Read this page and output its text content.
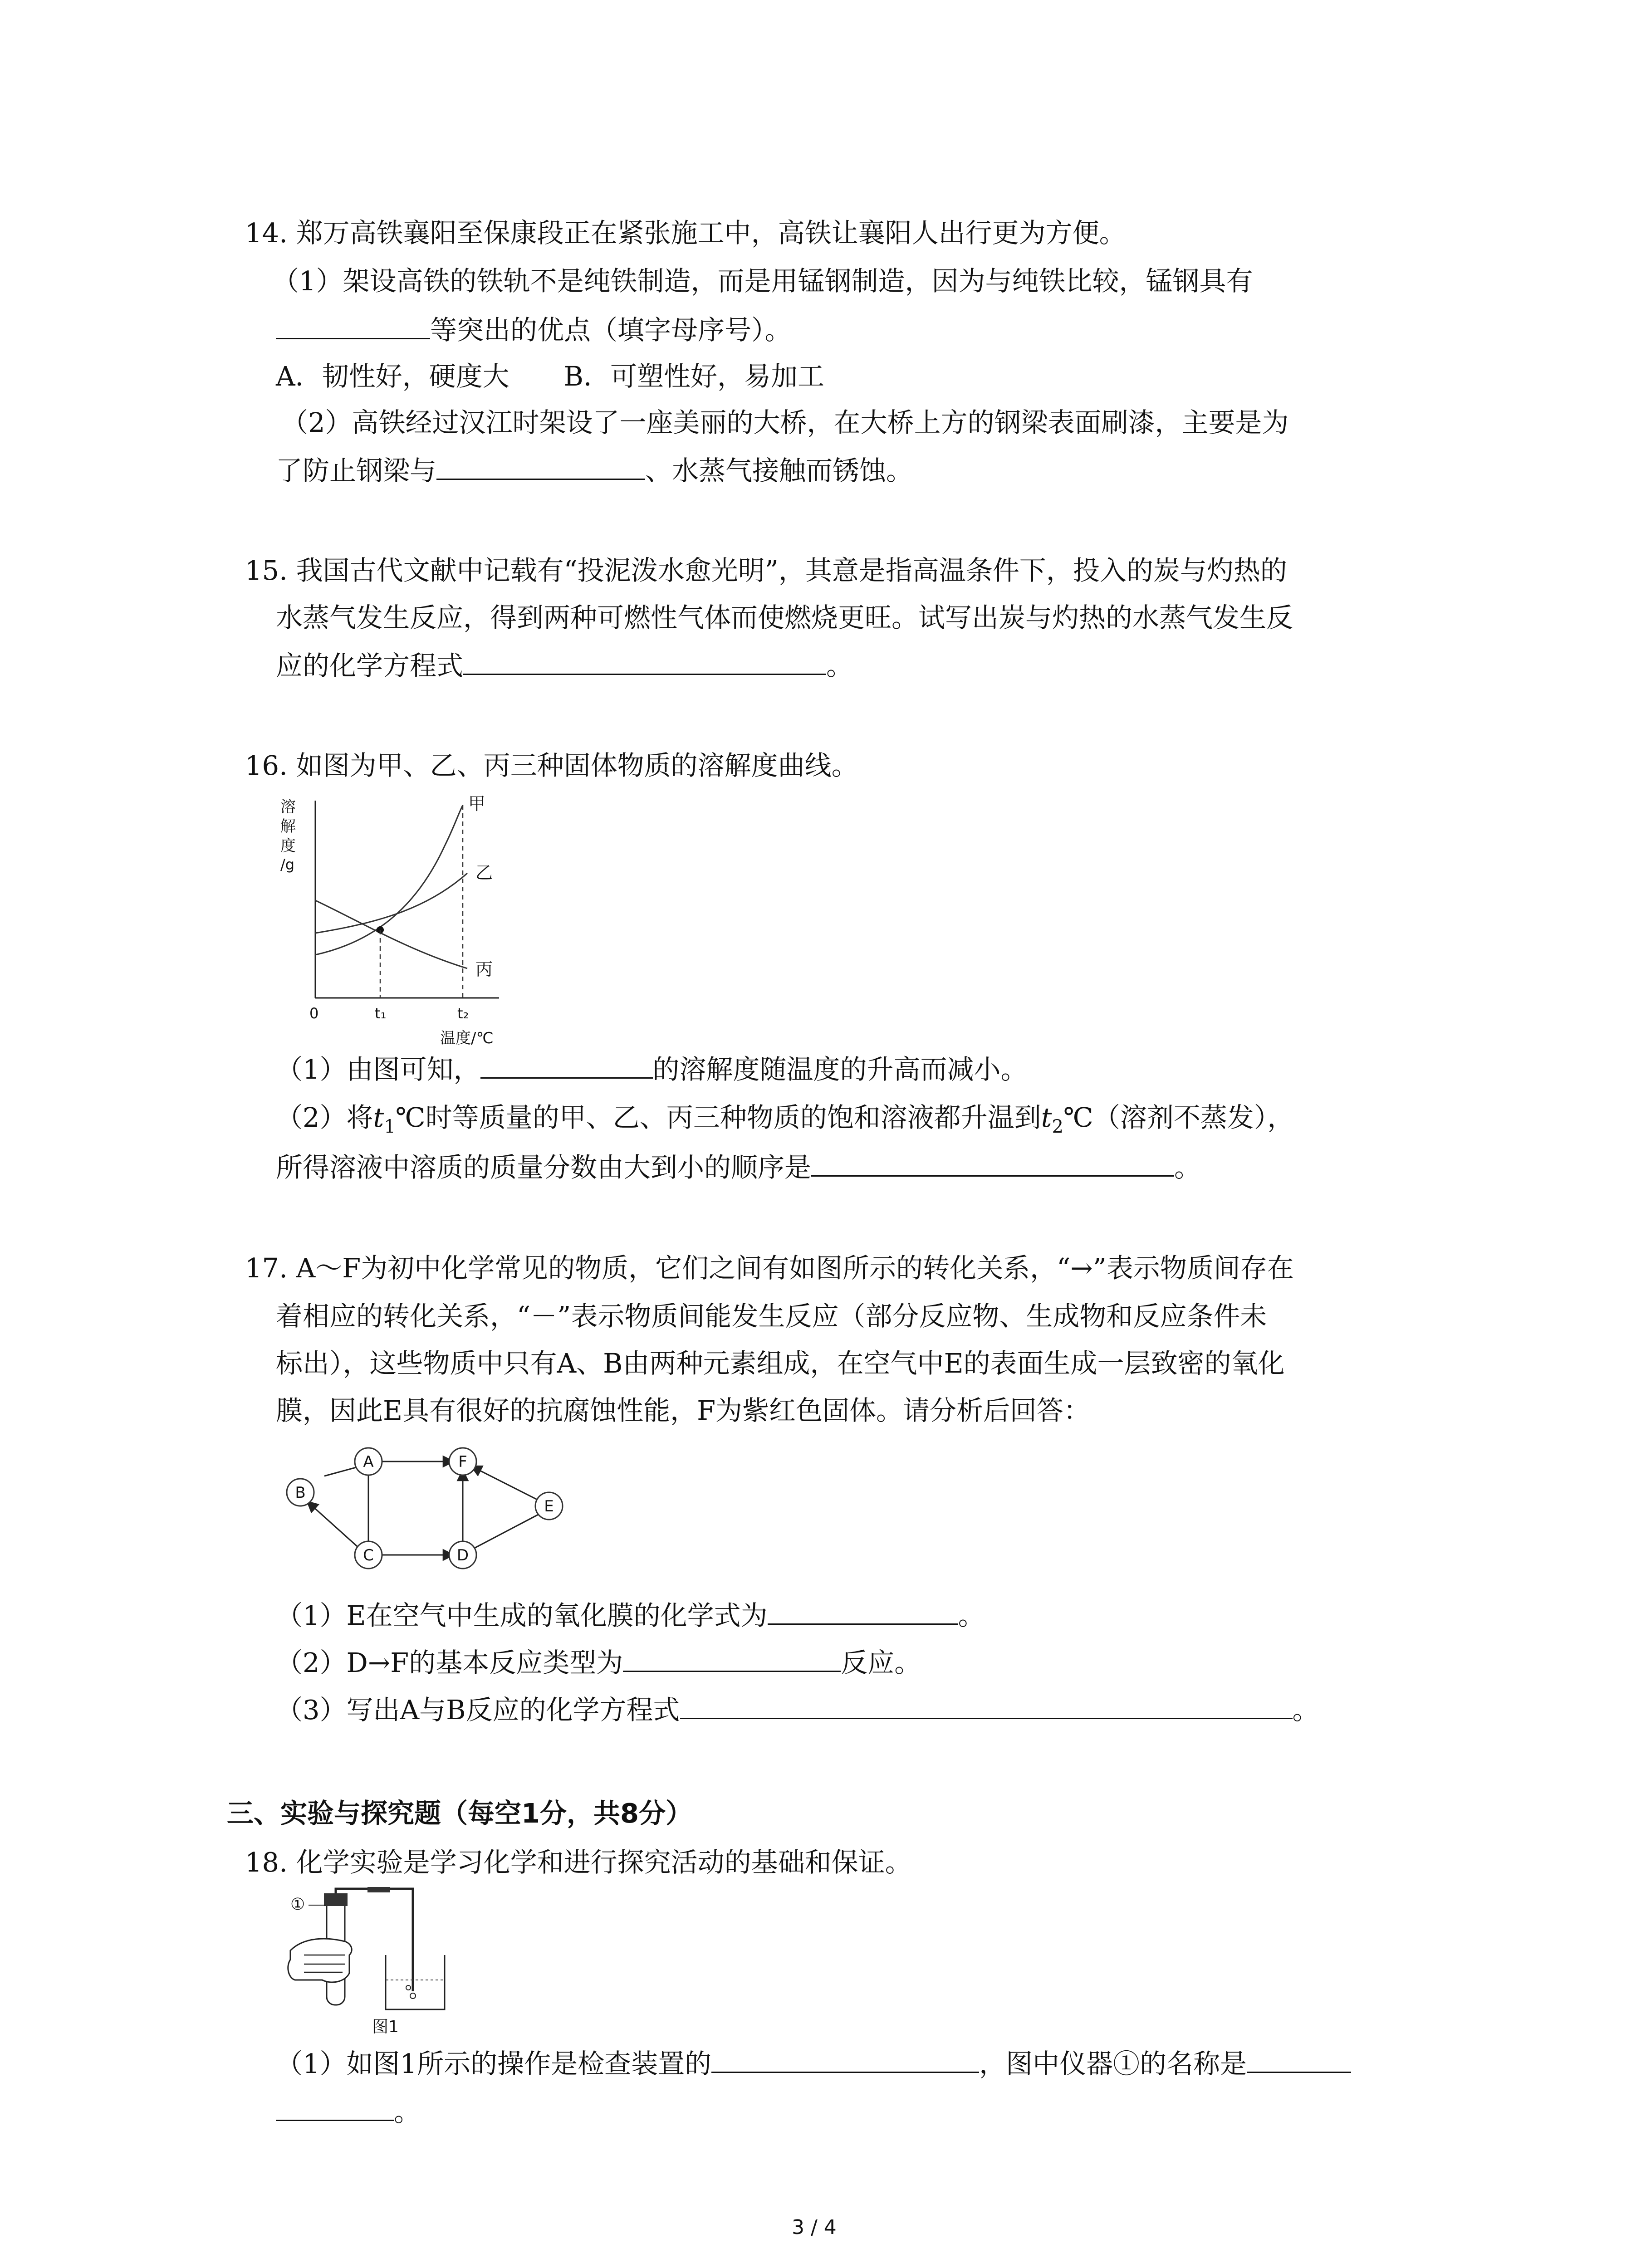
14. 郑万高铁襄阳至保康段正在紧张施工中，高铁让襄阳人出行更为方便。
（1）架设高铁的铁轨不是纯铁制造，而是用锰钢制造，因为与纯铁比较，锰钢具有
等突出的优点（填字母序号）。
A．韧性好，硬度大 B．可塑性好，易加工
（2）高铁经过汉江时架设了一座美丽的大桥，在大桥上方的钢梁表面刷漆，主要是为
了防止钢梁与	、水蒸气接触而锈蚀。
15. 我国古代文献中记载有“投泥泼水愈光明”，其意是指高温条件下，投入的炭与灼热的
水蒸气发生反应，得到两种可燃性气体而使燃烧更旺。试写出炭与灼热的水蒸气发生反
应的化学方程式	。
16. 如图为甲、乙、丙三种固体物质的溶解度曲线。
溶
解
度
/g
甲
乙
丙
0	t₁	t₂
温度/℃
（1）由图可知，	的溶解度随温度的升高而减小。
（2）将$t_1℃$时等质量的甲、乙、丙三种物质的饱和溶液都升温到$t_2℃$（溶剂不蒸发），
所得溶液中溶质的质量分数由大到小的顺序是	。
17. A～F为初中化学常见的物质，它们之间有如图所示的转化关系，“→”表示物质间存在
着相应的转化关系，“－”表示物质间能发生反应（部分反应物、生成物和反应条件未
标出），这些物质中只有A、B由两种元素组成，在空气中E的表面生成一层致密的氧化
膜，因此E具有很好的抗腐蚀性能，F为紫红色固体。请分析后回答：
A
B
C	D
E
F
（1）E在空气中生成的氧化膜的化学式为	。
（2）D→F的基本反应类型为	反应。
（3）写出A与B反应的化学方程式	。
三、实验与探究题（每空1分，共8分）
18. 化学实验是学习化学和进行探究活动的基础和保证。
①
图1
（1）如图1所示的操作是检查装置的	，图中仪器①的名称是
。
3 / 4
